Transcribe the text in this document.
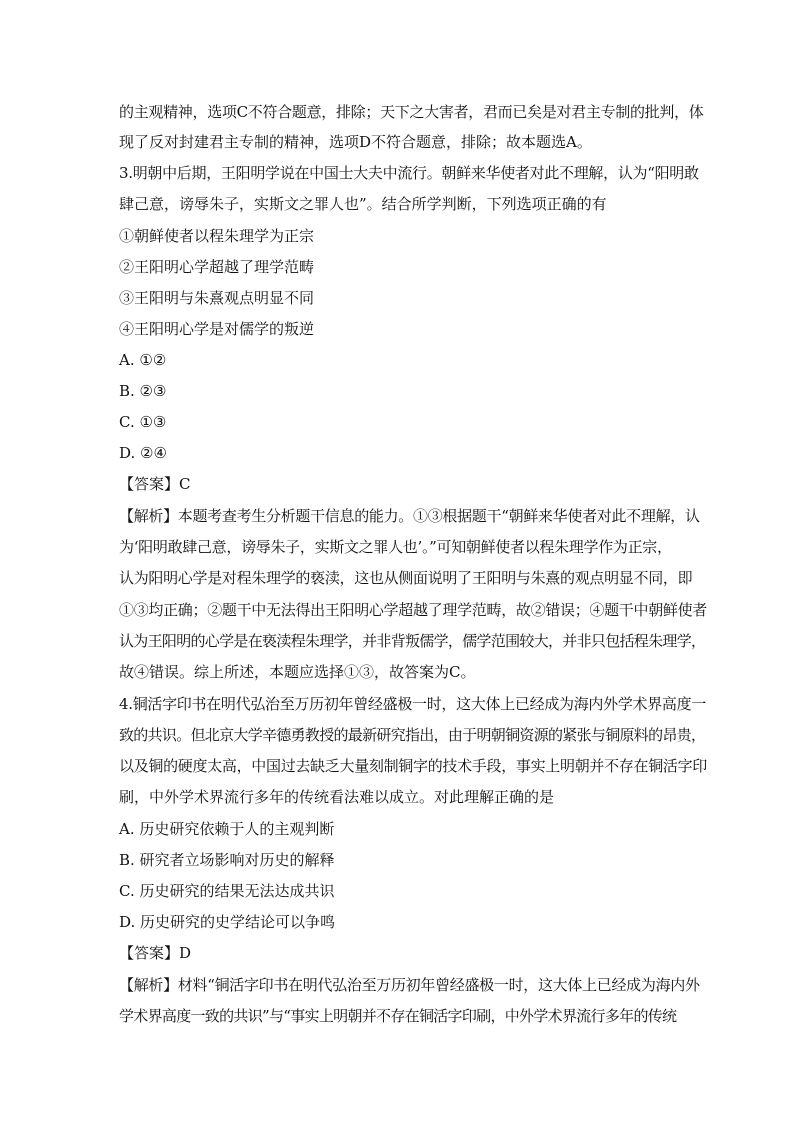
的主观精神，选项C不符合题意，排除；天下之大害者，君而已矣是对君主专制的批判，体
现了反对封建君主专制的精神，选项D不符合题意，排除；故本题选A。
3.明朝中后期，王阳明学说在中国士大夫中流行。朝鲜来华使者对此不理解，认为“阳明敢
肆己意，谤辱朱子，实斯文之罪人也”。结合所学判断，下列选项正确的有
①朝鲜使者以程朱理学为正宗
②王阳明心学超越了理学范畴
③王阳明与朱熹观点明显不同
④王阳明心学是对儒学的叛逆
A. ①②
B. ②③
C. ①③
D. ②④
【答案】C
【解析】本题考查考生分析题干信息的能力。①③根据题干“朝鲜来华使者对此不理解，认
为‘阳明敢肆己意，谤辱朱子，实斯文之罪人也’。”可知朝鲜使者以程朱理学作为正宗，
认为阳明心学是对程朱理学的亵渎，这也从侧面说明了王阳明与朱熹的观点明显不同，即
①③均正确；②题干中无法得出王阳明心学超越了理学范畴，故②错误；④题干中朝鲜使者
认为王阳明的心学是在亵渎程朱理学，并非背叛儒学，儒学范围较大，并非只包括程朱理学，
故④错误。综上所述，本题应选择①③，故答案为C。
4.铜活字印书在明代弘治至万历初年曾经盛极一时，这大体上已经成为海内外学术界高度一
致的共识。但北京大学辛德勇教授的最新研究指出，由于明朝铜资源的紧张与铜原料的昂贵，
以及铜的硬度太高，中国过去缺乏大量刻制铜字的技术手段，事实上明朝并不存在铜活字印
刷，中外学术界流行多年的传统看法难以成立。对此理解正确的是
A. 历史研究依赖于人的主观判断
B. 研究者立场影响对历史的解释
C. 历史研究的结果无法达成共识
D. 历史研究的史学结论可以争鸣
【答案】D
【解析】材料“铜活字印书在明代弘治至万历初年曾经盛极一时，这大体上已经成为海内外
学术界高度一致的共识”与“事实上明朝并不存在铜活字印刷，中外学术界流行多年的传统
